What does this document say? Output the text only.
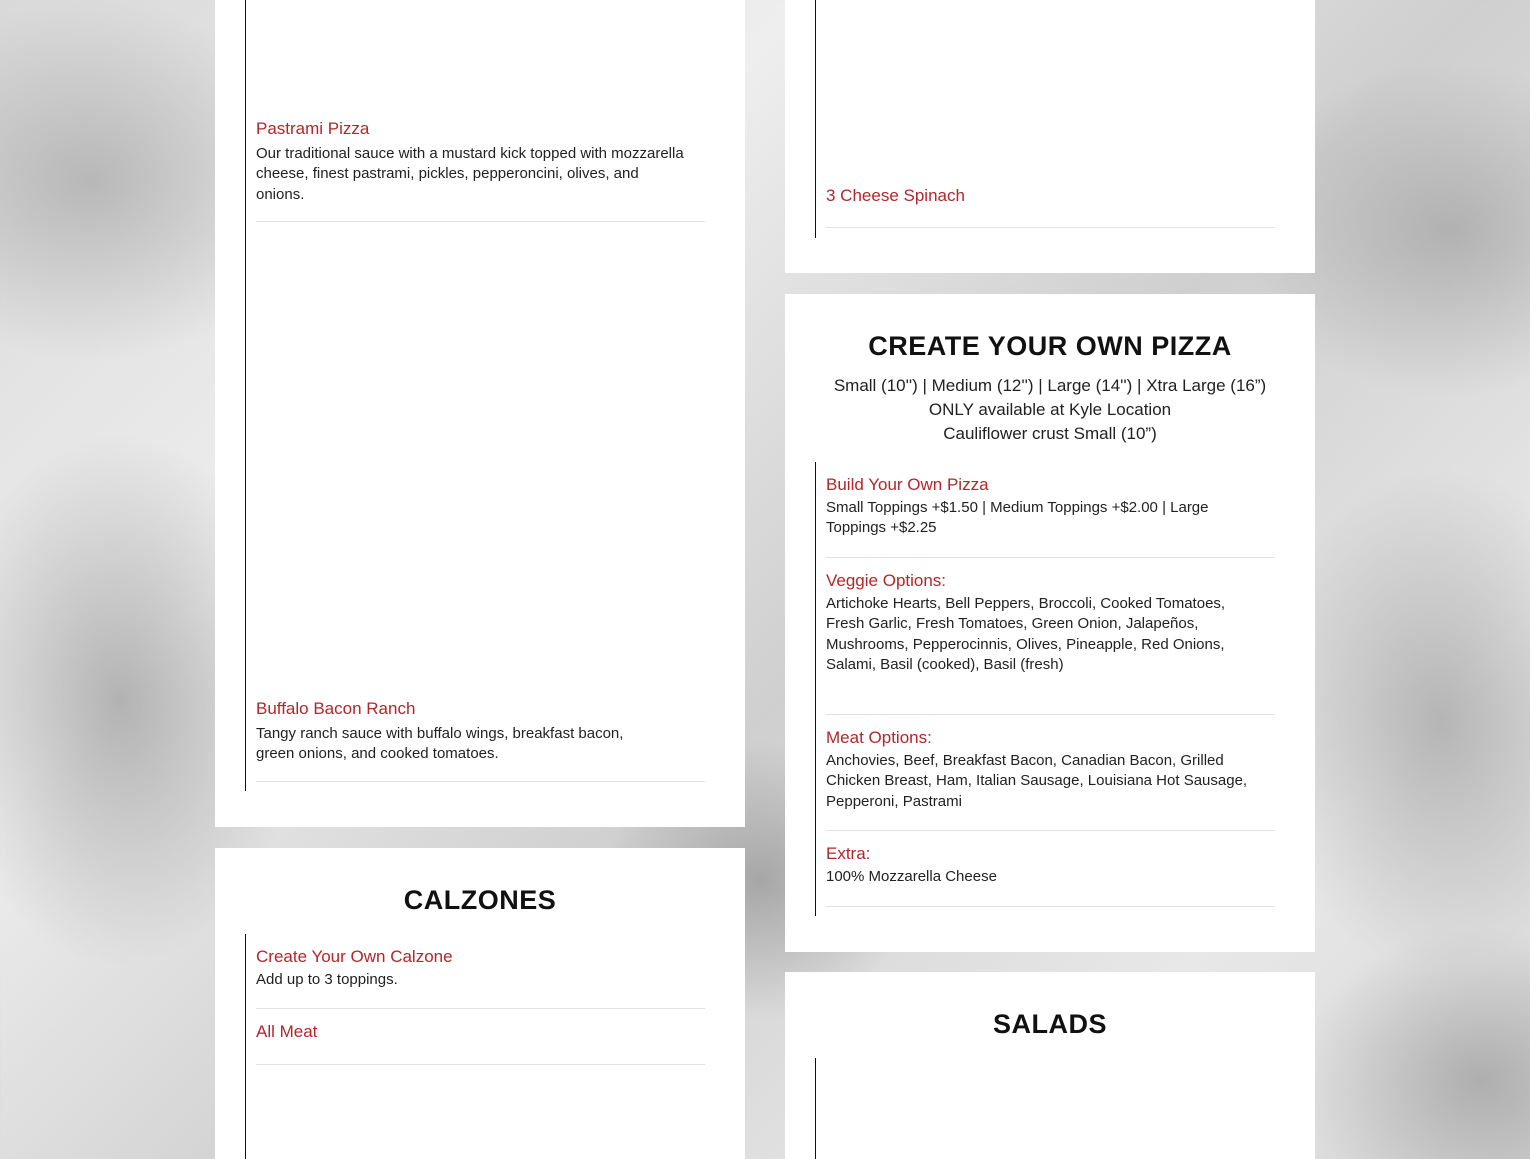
Pastrami Pizza

Our traditional sauce with a mustard kick topped with mozzarella cheese, finest pastrami, pickles, pepperoncini, olives, and onions.

Buffalo Bacon Ranch

Tangy ranch sauce with buffalo wings, breakfast bacon, green onions, and cooked tomatoes.

CALZONES

Create Your Own Calzone

Add up to 3 toppings.

All Meat

3 Cheese Spinach

CREATE YOUR OWN PIZZA
Small (10'') | Medium (12'') | Large (14'') | Xtra Large (16”)
ONLY available at Kyle Location
Cauliflower crust Small (10”)

Build Your Own Pizza

Small Toppings +$1.50 | Medium Toppings +$2.00 | Large Toppings +$2.25

Veggie Options:

Artichoke Hearts, Bell Peppers, Broccoli, Cooked Tomatoes, Fresh Garlic, Fresh Tomatoes, Green Onion, Jalapeños, Mushrooms, Pepperocinnis, Olives, Pineapple, Red Onions, Salami, Basil (cooked), Basil (fresh)

Meat Options:

Anchovies, Beef, Breakfast Bacon, Canadian Bacon, Grilled Chicken Breast, Ham, Italian Sausage, Louisiana Hot Sausage, Pepperoni, Pastrami

Extra:

100% Mozzarella Cheese

SALADS
